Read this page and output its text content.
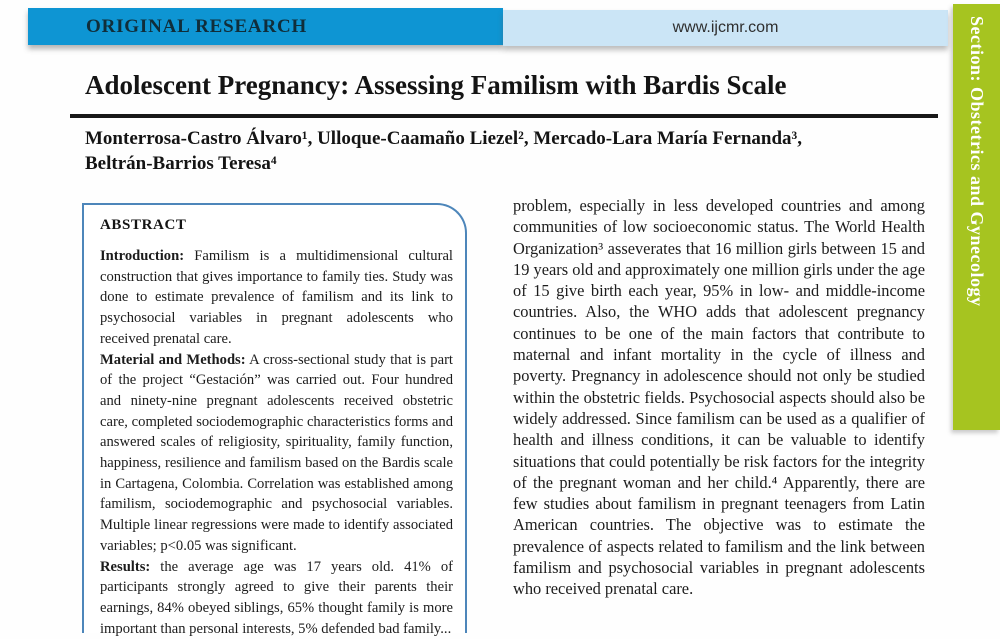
ORIGINAL RESEARCH	www.ijcmr.com	Section: Obstetrics and Gynecology
Adolescent Pregnancy: Assessing Familism with Bardis Scale
Monterrosa-Castro Álvaro¹, Ulloque-Caamaño Liezel², Mercado-Lara María Fernanda³,
Beltrán-Barrios Teresa⁴
ABSTRACT

Introduction: Familism is a multidimensional cultural construction that gives importance to family ties. Study was done to estimate prevalence of familism and its link to psychosocial variables in pregnant adolescents who received prenatal care.

Material and Methods: A cross-sectional study that is part of the project “Gestación” was carried out. Four hundred and ninety-nine pregnant adolescents received obstetric care, completed sociodemographic characteristics forms and answered scales of religiosity, spirituality, family function, happiness, resilience and familism based on the Bardis scale in Cartagena, Colombia. Correlation was established among familism, sociodemographic and psychosocial variables. Multiple linear regressions were made to identify associated variables; p<0.05 was significant.

Results: the average age was 17 years old. 41% of participants strongly agreed to give their parents their earnings, 84% obeyed siblings, 65% thought family is more important than personal interests, 5% defended bad family...

problem, especially in less developed countries and among communities of low socioeconomic status. The World Health Organization³ asseverates that 16 million girls between 15 and 19 years old and approximately one million girls under the age of 15 give birth each year, 95% in low- and middle-income countries. Also, the WHO adds that adolescent pregnancy continues to be one of the main factors that contribute to maternal and infant mortality in the cycle of illness and poverty. Pregnancy in adolescence should not only be studied within the obstetric fields. Psychosocial aspects should also be widely addressed. Since familism can be used as a qualifier of health and illness conditions, it can be valuable to identify situations that could potentially be risk factors for the integrity of the pregnant woman and her child.⁴ Apparently, there are few studies about familism in pregnant teenagers from Latin American countries. The objective was to estimate the prevalence of aspects related to familism and the link between familism and psychosocial variables in pregnant adolescents who received prenatal care.
